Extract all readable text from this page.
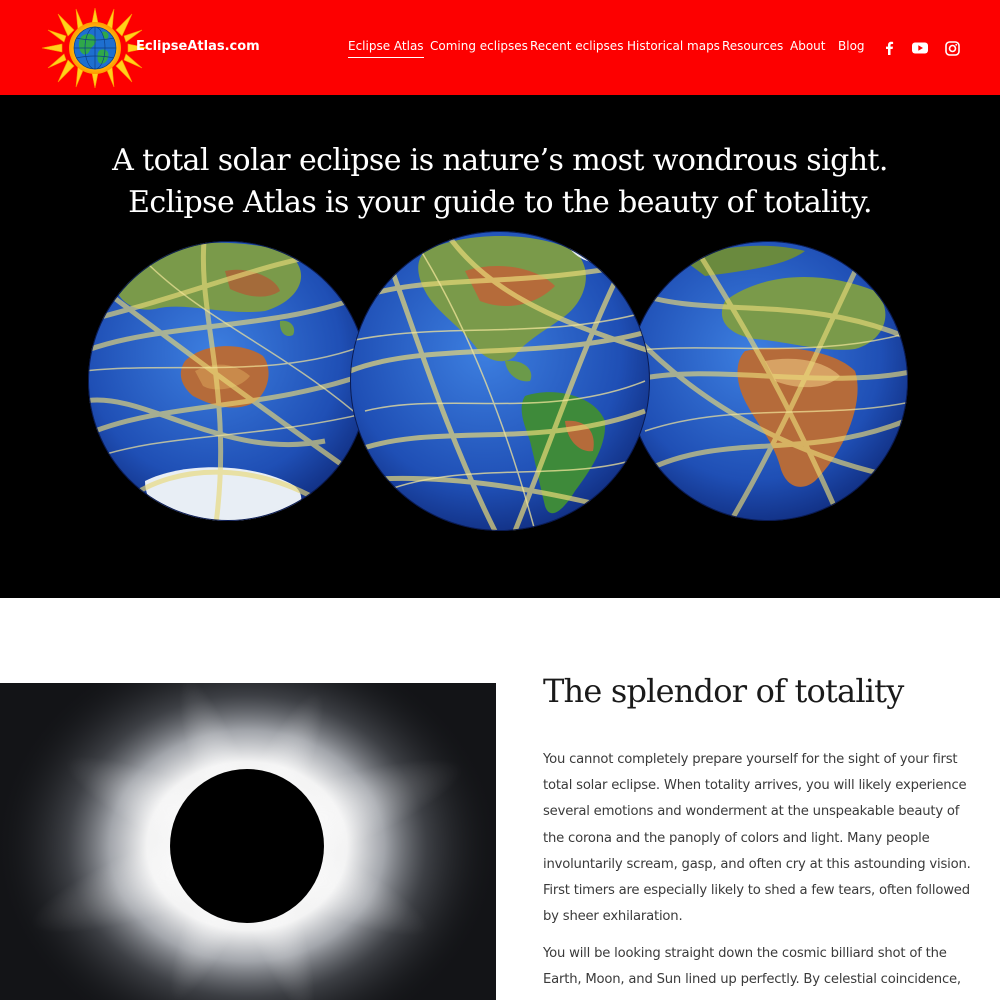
EclipseAtlas.com	Eclipse Atlas Coming eclipses Recent eclipses Historical maps Resources About Blog
A total solar eclipse is nature’s most wondrous sight.
Eclipse Atlas is your guide to the beauty of totality.
The splendor of totality
You cannot completely prepare yourself for the sight of your first
total solar eclipse. When totality arrives, you will likely experience
several emotions and wonderment at the unspeakable beauty of
the corona and the panoply of colors and light. Many people
involuntarily scream, gasp, and often cry at this astounding vision.
First timers are especially likely to shed a few tears, often followed
by sheer exhilaration.
You will be looking straight down the cosmic billiard shot of the
Earth, Moon, and Sun lined up perfectly. By celestial coincidence,
